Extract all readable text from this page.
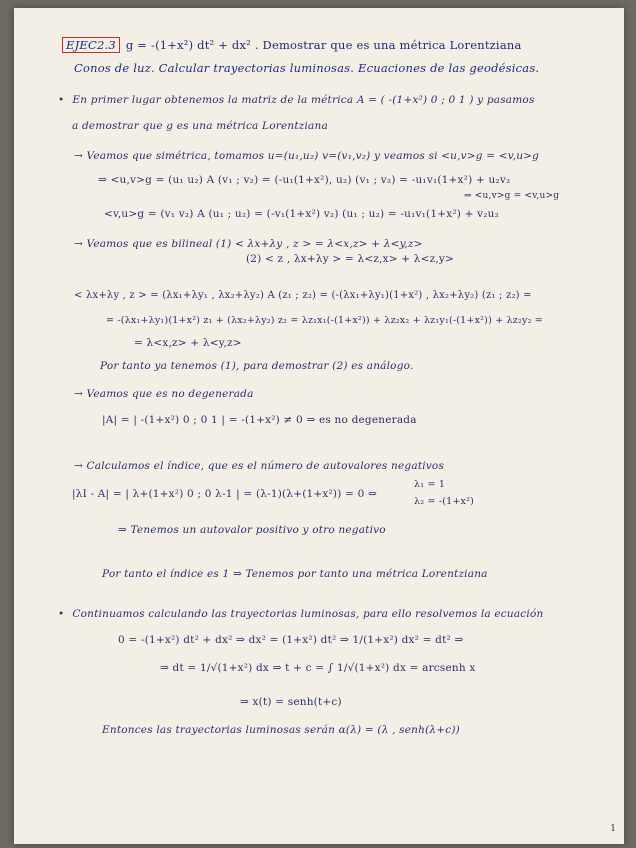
EJEC2.3 g = -(1+x²) dt² + dx² . Demostrar que es una métrica Lorentziana
Conos de luz. Calcular trayectorias luminosas. Ecuaciones de las geodésicas.
• En primer lugar obtenemos la matriz de la métrica A = ( -(1+x²) 0 ; 0 1 ) y pasamos
a demostrar que g es una métrica Lorentziana
→ Veamos que simétrica, tomamos u=(u₁,u₂) v=(v₁,v₂) y veamos si <u,v>g = <v,u>g
⇒ <u,v>g = (u₁ u₂) A (v₁ ; v₂) = (-u₁(1+x²), u₂) (v₁ ; v₂) = -u₁v₁(1+x²) + u₂v₂
⇒ <u,v>g = <v,u>g
<v,u>g = (v₁ v₂) A (u₁ ; u₂) = (-v₁(1+x²) v₂) (u₁ ; u₂) = -u₁v₁(1+x²) + v₂u₂
→ Veamos que es bilineal (1) < λx+λy , z > = λ<x,z> + λ<y,z>
(2) < z , λx+λy > = λ<z,x> + λ<z,y>
< λx+λy , z > = (λx₁+λy₁ , λx₂+λy₂) A (z₁ ; z₂) = (-(λx₁+λy₁)(1+x²) , λx₂+λy₂) (z₁ ; z₂) =
= -(λx₁+λy₁)(1+x²) z₁ + (λx₂+λy₂) z₂ = λz₁x₁(-(1+x²)) + λz₂x₂ + λz₁y₁(-(1+x²)) + λz₂y₂ =
= λ<x,z> + λ<y,z>
Por tanto ya tenemos (1), para demostrar (2) es análogo.
→ Veamos que es no degenerada
|A| = | -(1+x²) 0 ; 0 1 | = -(1+x²) ≠ 0 ⇒ es no degenerada
→ Calculamos el índice, que es el número de autovalores negativos
|λI - A| = | λ+(1+x²) 0 ; 0 λ-1 | = (λ-1)(λ+(1+x²)) = 0 ⇔
λ₁ = 1
λ₂ = -(1+x²)
⇒ Tenemos un autovalor positivo y otro negativo
Por tanto el índice es 1 ⇒ Tenemos por tanto una métrica Lorentziana
• Continuamos calculando las trayectorias luminosas, para ello resolvemos la ecuación
0 = -(1+x²) dt² + dx² ⇒ dx² = (1+x²) dt² ⇒ 1/(1+x²) dx² = dt² ⇒
⇒ dt = 1/√(1+x²) dx ⇒ t + c = ∫ 1/√(1+x²) dx = arcsenh x
⇒ x(t) = senh(t+c)
Entonces las trayectorias luminosas serán α(λ) = (λ , senh(λ+c))
1
